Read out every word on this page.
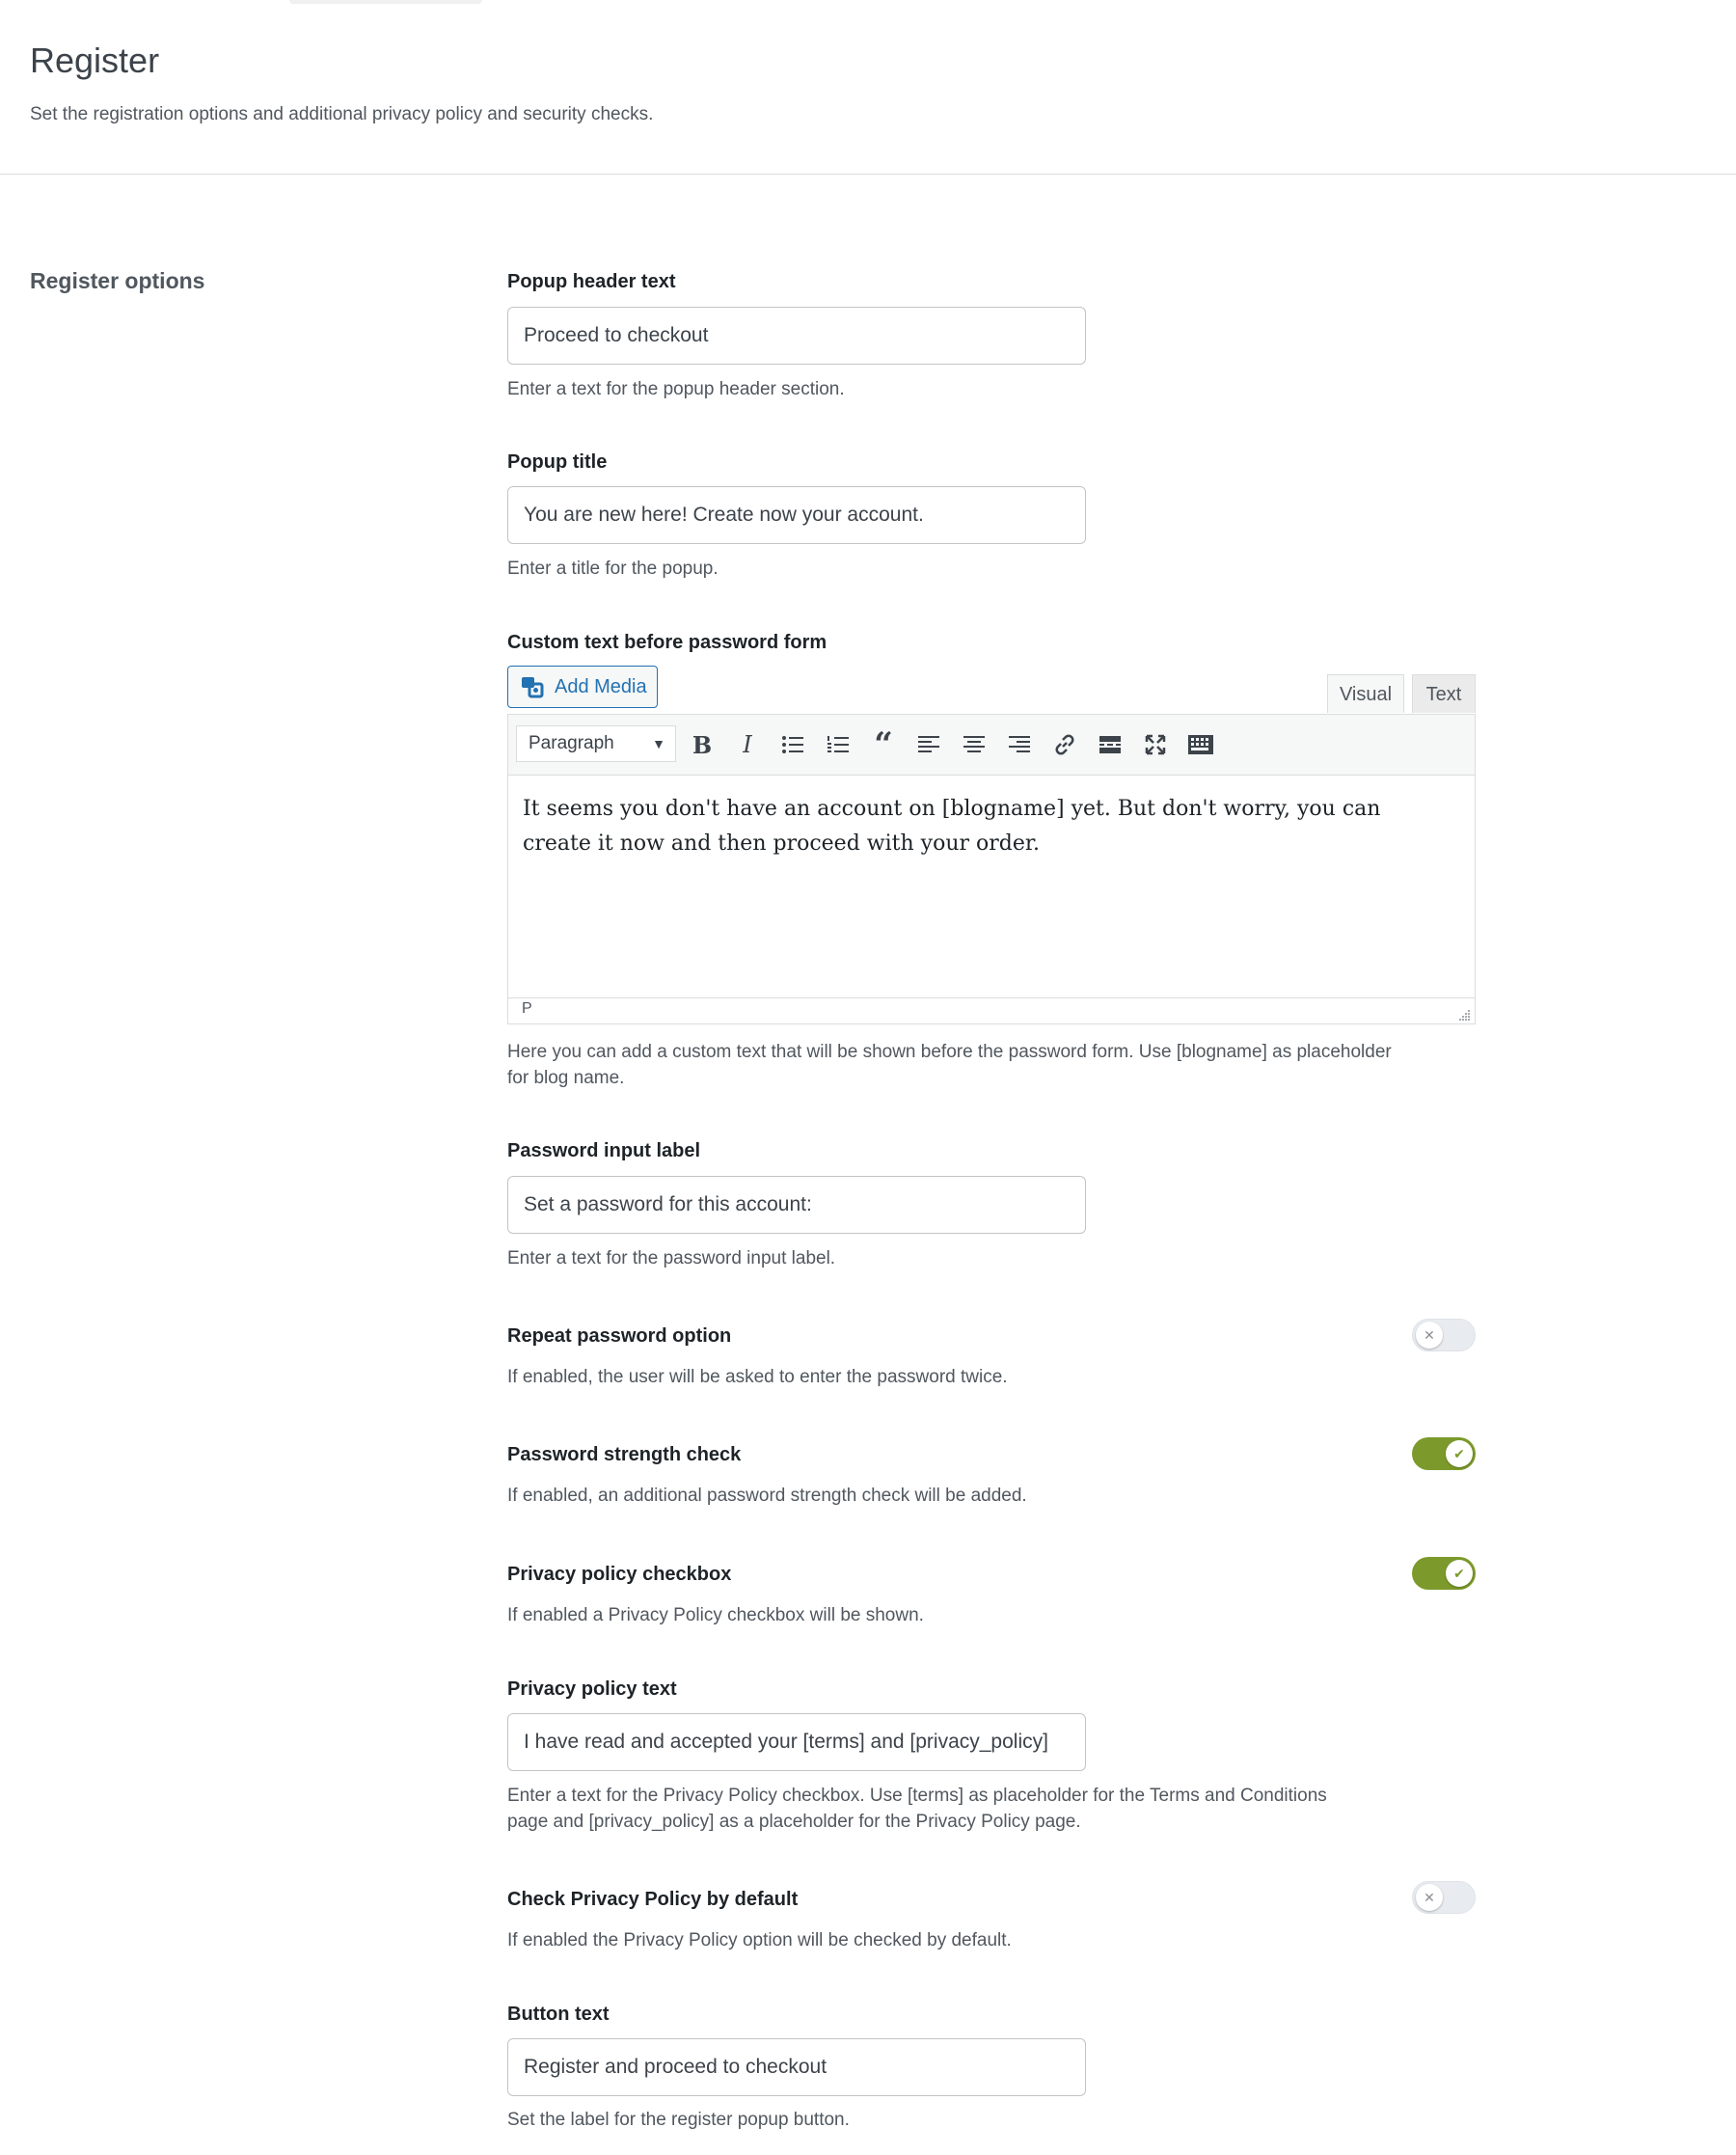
Register
Set the registration options and additional privacy policy and security checks.
Register options	Popup header text
Proceed to checkout
Enter a text for the popup header section.
Popup title
You are new here! Create now your account.
Enter a title for the popup.
Custom text before password form
Add Media	Visual	Text
Paragraph	▼ B	I	“
It seems you don't have an account on [blogname] yet. But don't worry, you can create it now and then proceed with your order.
P
Here you can add a custom text that will be shown before the password form. Use [blogname] as placeholder for blog name.
Password input label
Set a password for this account:
Enter a text for the password input label.
Repeat password option	✕
If enabled, the user will be asked to enter the password twice.
Password strength check	✔
If enabled, an additional password strength check will be added.
Privacy policy checkbox	✔
If enabled a Privacy Policy checkbox will be shown.
Privacy policy text
I have read and accepted your [terms] and [privacy_policy]
Enter a text for the Privacy Policy checkbox. Use [terms] as placeholder for the Terms and Conditions page and [privacy_policy] as a placeholder for the Privacy Policy page.
Check Privacy Policy by default	✕
If enabled the Privacy Policy option will be checked by default.
Button text
Register and proceed to checkout
Set the label for the register popup button.
